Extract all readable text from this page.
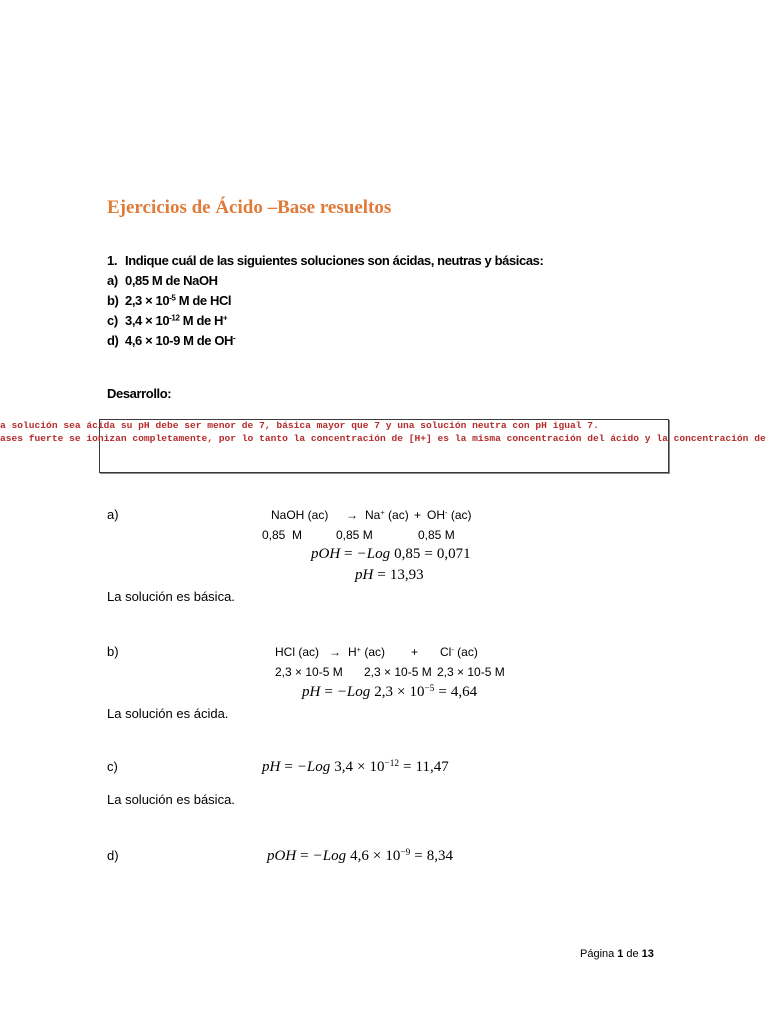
Ejercicios de Ácido –Base resueltos
1. Indique cuál de las siguientes soluciones son ácidas, neutras y básicas:
a) 0,85 M de NaOH
b) $2,3 \times 10^{-5}$ M de HCl
c) $3,4 \times 10^{-12}$ M de H+
d) 4,6 × 10-9 M de OH-
Desarrollo:
a solución sea ácida su pH debe ser menor de 7, básica mayor que 7 y una solución neutra con pH igual 7.
ases fuerte se ionizan completamente, por lo tanto la concentración de [H+] es la misma concentración del ácido y la concentración de
a)	NaOH (ac) → Na+ (ac) + OH- (ac)
0,85  M	0,85 M	0,85 M
pOH = −Log 0,85 = 0,071
pH = 13,93
La solución es básica.
b)	HCl (ac) → H+ (ac) + Cl- (ac)
2,3 × 10-5 M 2,3 × 10-5 M 2,3 × 10-5 M
pH = −Log $2,3 \times 10^{-5} = 4,64$
La solución es ácida.
c)	pH = −Log $3,4 \times 10^{-12} = 11,47$
La solución es básica.
d)	pOH = −Log $4,6 \times 10^{-9} = 8,34$
Página 1 de 13
